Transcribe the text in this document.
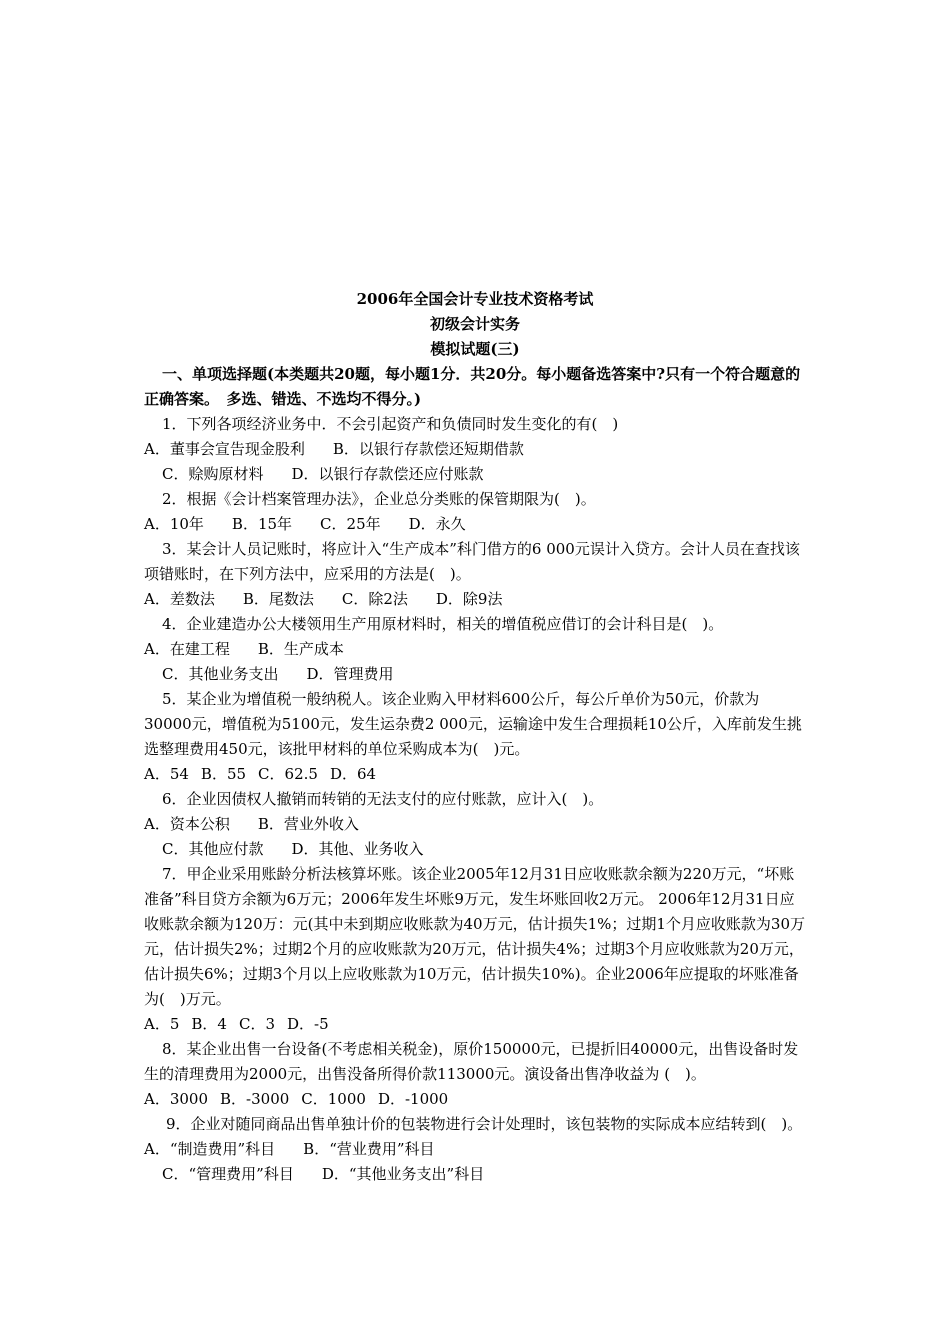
2006年全国会计专业技术资格考试

初级会计实务

模拟试题(三)

一、单项选择题(本类题共20题，每小题1分．共20分。每小题备选答案中?只有一个符合题意的正确答案。　多选、错选、不选均不得分。)

1．下列各项经济业务中．不会引起资产和负债同时发生变化的有(　)

A．董事会宣告现金股利 B．以银行存款偿还短期借款

C．赊购原材料 D．以银行存款偿还应付账款

2．根据《会计档案管理办法》，企业总分类账的保管期限为(　)。

A．10年 B．15年 C．25年 D．永久

3．某会计人员记账时，将应计入“生产成本”科门借方的6 000元误计入贷方。会计人员在查找该项错账时，在下列方法中，应采用的方法是(　)。

A．差数法 B．尾数法 C．除2法 D．除9法

4．企业建造办公大楼领用生产用原材料时，相关的增值税应借订的会计科目是(　)。

A．在建工程 B．生产成本

C．其他业务支出 D．管理费用

5．某企业为增值税一般纳税人。该企业购入甲材料600公斤，每公斤单价为50元，价款为30000元，增值税为5100元，发生运杂费2 000元，运输途中发生合理损耗10公斤，入库前发生挑选整理费用450元，该批甲材料的单位采购成本为(　)元。

A．54 B．55 C．62.5 D．64

6．企业因债权人撤销而转销的无法支付的应付账款，应计入(　)。

A．资本公积 B．营业外收入

C．其他应付款 D．其他、业务收入

7．甲企业采用账龄分析法核算坏账。该企业2005年12月31日应收账款余额为220万元，“坏账准备”科目贷方余额为6万元；2006年发生坏账9万元，发生坏账回收2万元。 2006年12月31日应收账款余额为120万：元(其中未到期应收账款为40万元，估计损失1%；过期1个月应收账款为30万元，估计损失2%；过期2个月的应收账款为20万元，估计损失4%；过期3个月应收账款为20万元，估计损失6%；过期3个月以上应收账款为10万元，估计损失10%)。企业2006年应提取的坏账准备为(　)万元。

A．5 B．4 C．3 D．-5

8．某企业出售一台设备(不考虑相关税金)，原价150000元，已提折旧40000元，出售设备时发生的清理费用为2000元，出售没备所得价款113000元。演设备出售净收益为 (　)。

A．3000 B．-3000 C．1000 D．-1000

9．企业对随同商品出售单独计价的包装物进行会计处理时，该包装物的实际成本应结转到(　)。

A．“制造费用”科目 B．“营业费用”科目

C．“管理费用”科目 D．“其他业务支出”科目
